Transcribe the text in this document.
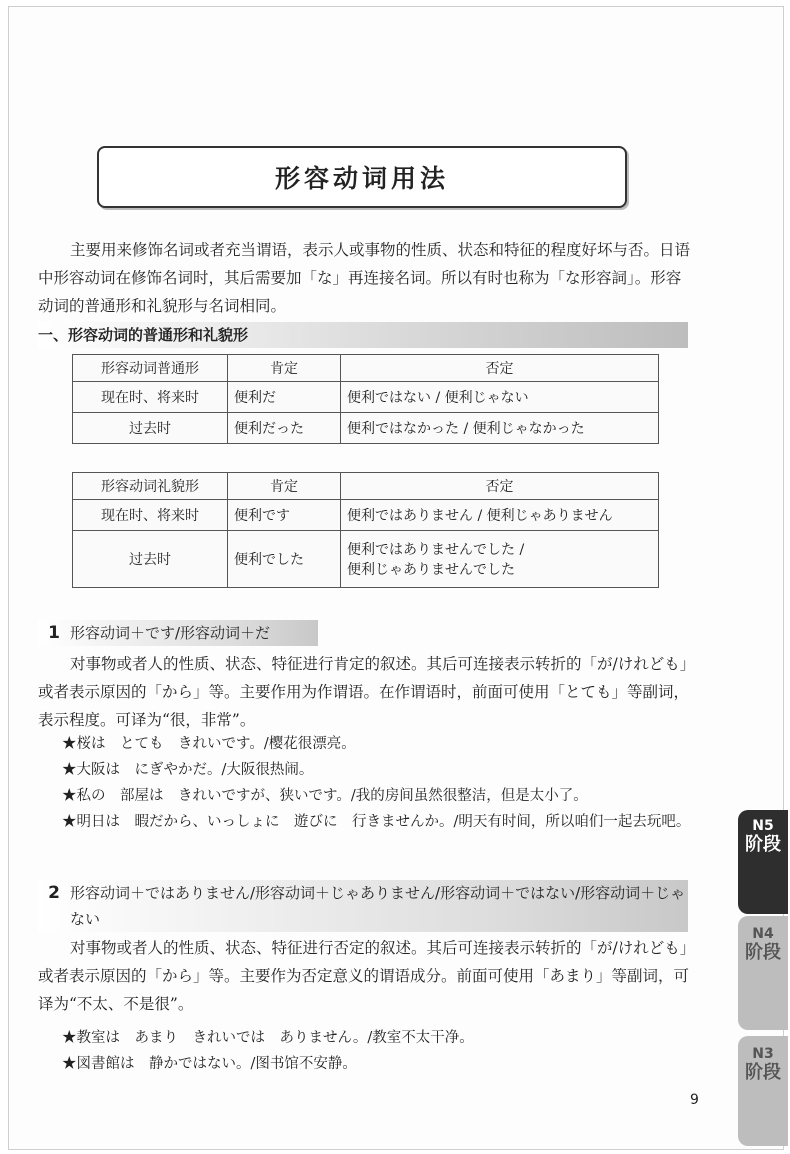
形容动词用法
主要用来修饰名词或者充当谓语，表示人或事物的性质、状态和特征的程度好坏与否。日语中形容动词在修饰名词时，其后需要加「な」再连接名词。所以有时也称为「な形容詞」。形容动词的普通形和礼貌形与名词相同。
一、形容动词的普通形和礼貌形
形容动词普通形	肯定	否定
现在时、将来时	便利だ	便利ではない / 便利じゃない
过去时	便利だった	便利ではなかった / 便利じゃなかった
形容动词礼貌形	肯定	否定
现在时、将来时	便利です	便利ではありません / 便利じゃありません
过去时	便利でした	便利ではありませんでした /
便利じゃありませんでした
1 形容动词＋です/形容动词＋だ
对事物或者人的性质、状态、特征进行肯定的叙述。其后可连接表示转折的「が/けれども」或者表示原因的「から」等。主要作用为作谓语。在作谓语时，前面可使用「とても」等副词，表示程度。可译为“很，非常”。
★桜は　とても　きれいです。/樱花很漂亮。
★大阪は　にぎやかだ。/大阪很热闹。
★私の　部屋は　きれいですが、狭いです。/我的房间虽然很整洁，但是太小了。
★明日は　暇だから、いっしょに　遊びに　行きませんか。/明天有时间，所以咱们一起去玩吧。
2 形容动词＋ではありません/形容动词＋じゃありません/形容动词＋ではない/形容动词＋じゃない
对事物或者人的性质、状态、特征进行否定的叙述。其后可连接表示转折的「が/けれども」或者表示原因的「から」等。主要作为否定意义的谓语成分。前面可使用「あまり」等副词，可译为“不太、不是很”。
★教室は　あまり　きれいでは　ありません。/教室不太干净。
★図書館は　静かではない。/图书馆不安静。
N5
阶段
N4
阶段
N3
阶段
9
